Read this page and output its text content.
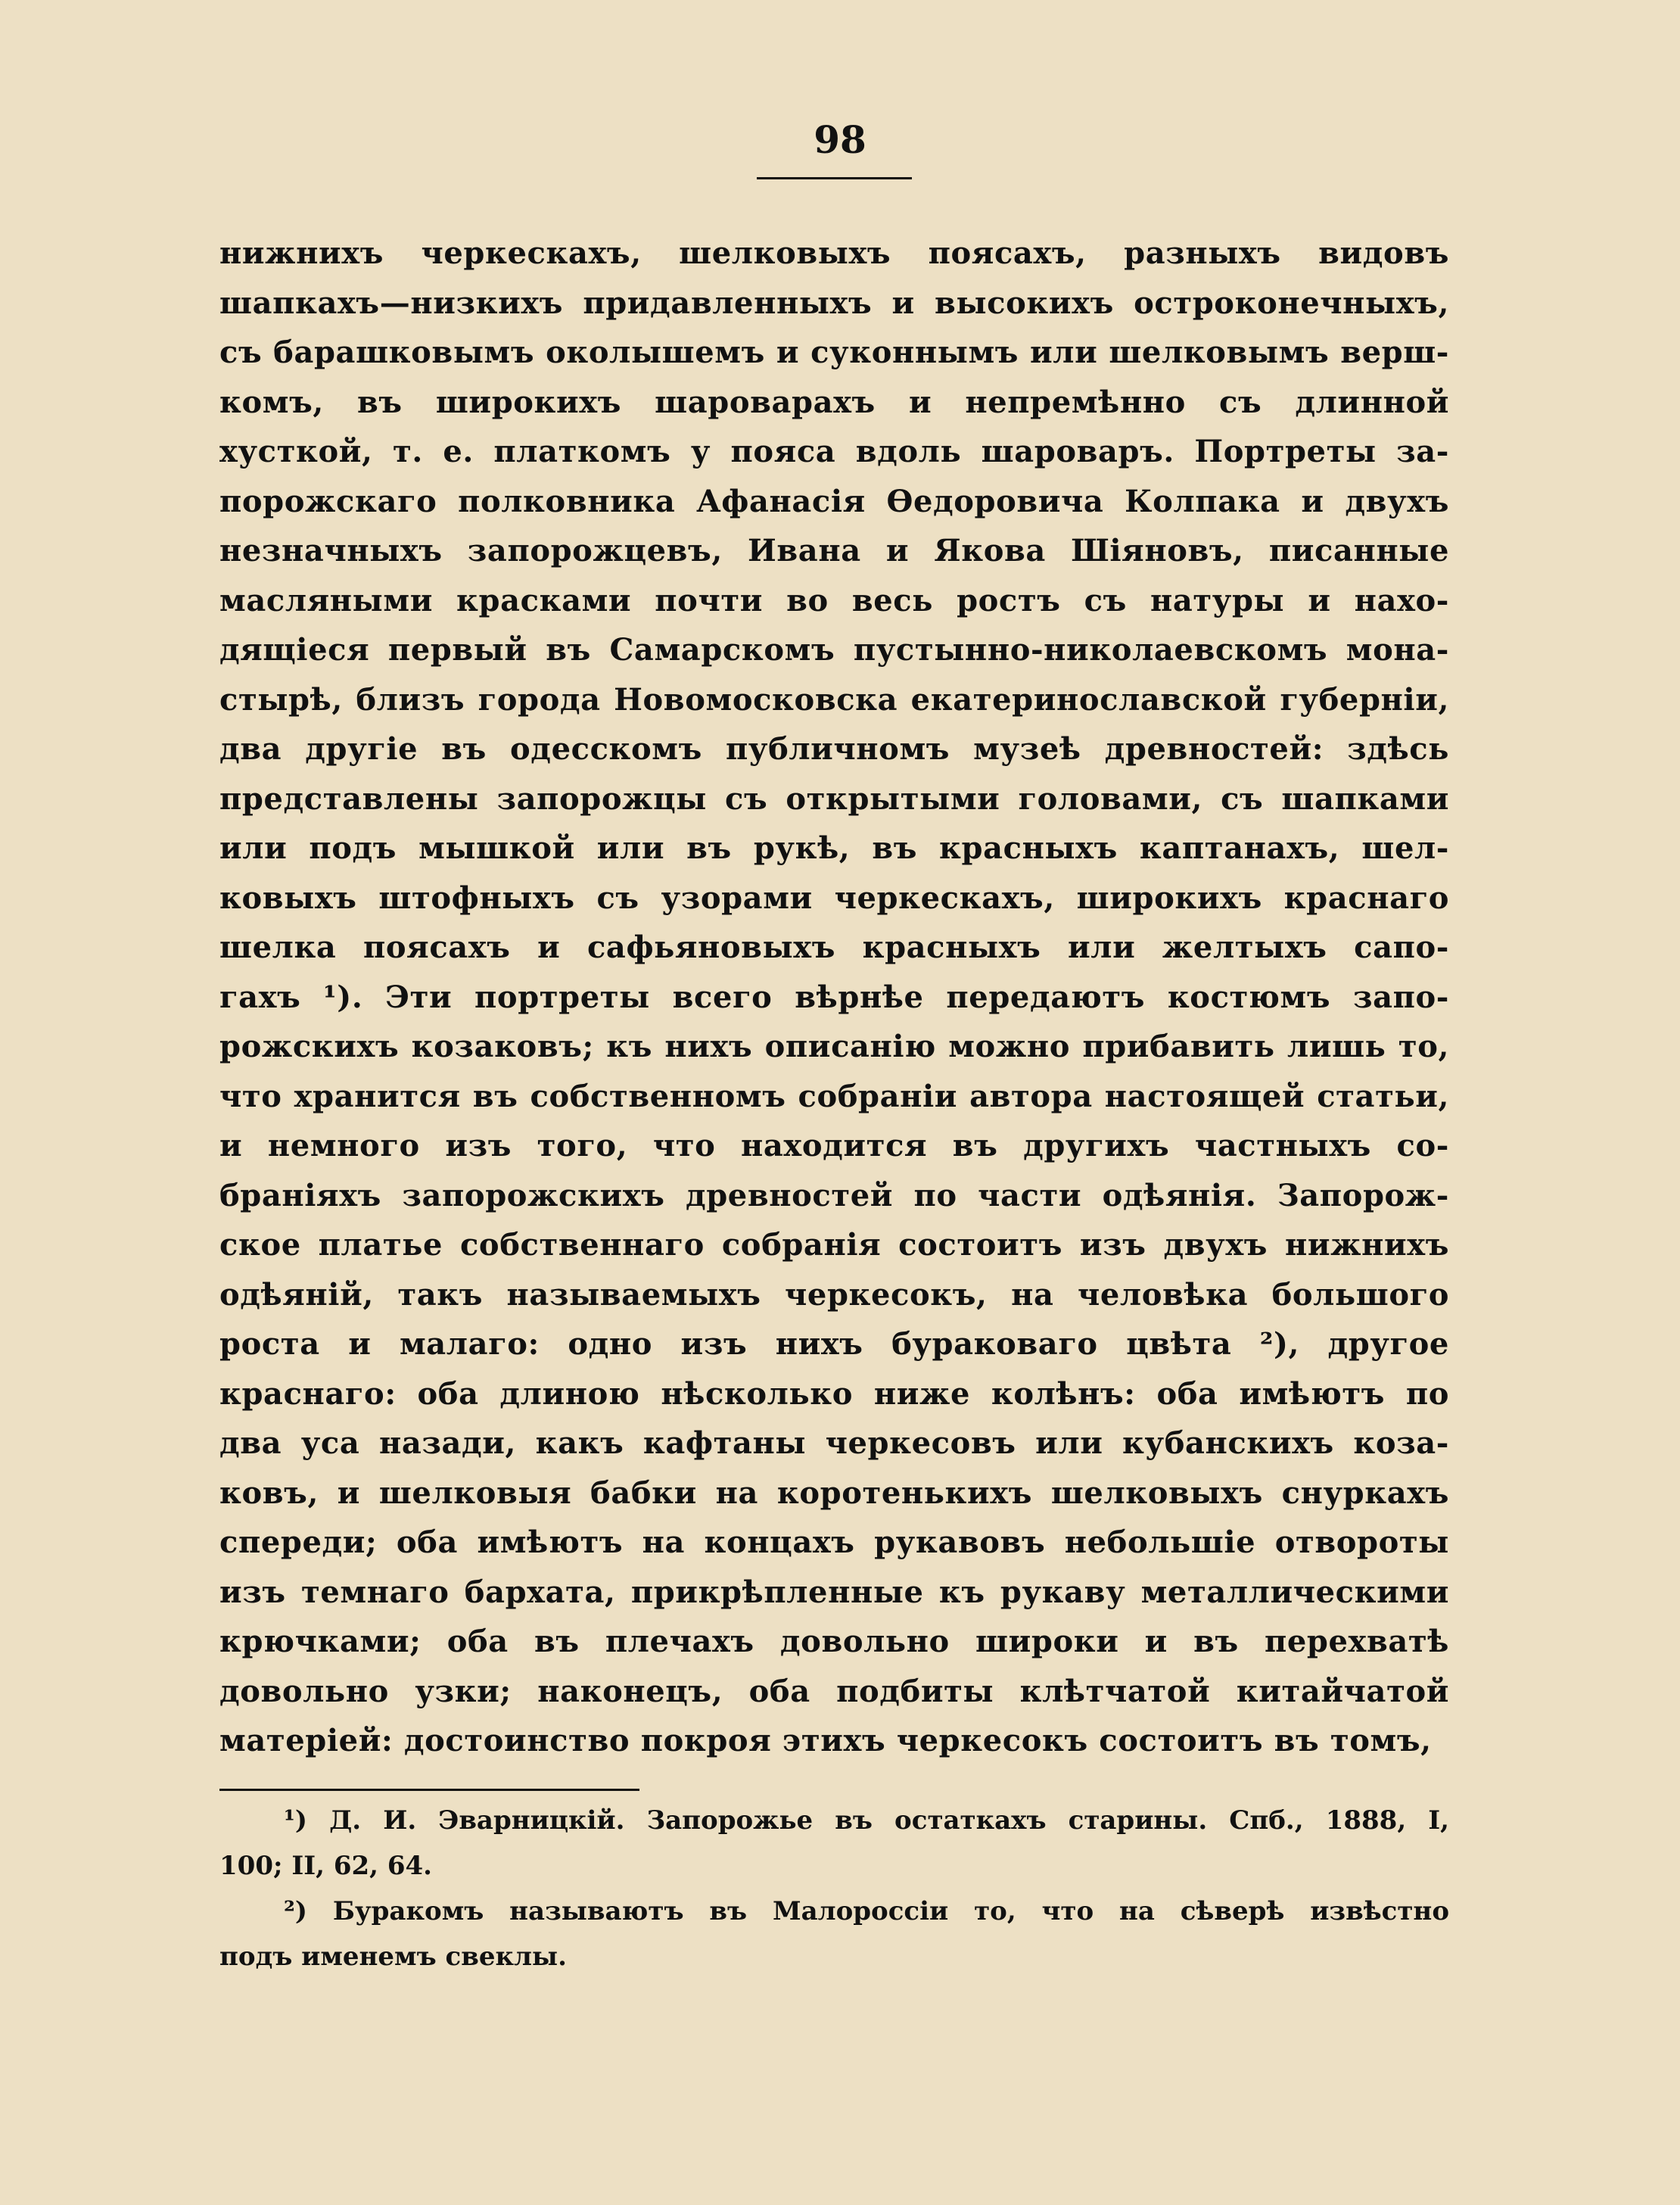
98
нижнихъ черкескахъ, шелковыхъ поясахъ, разныхъ видовъ
шапкахъ—низкихъ придавленныхъ и высокихъ остроконечныхъ,
съ барашковымъ околышемъ и суконнымъ или шелковымъ верш-
комъ, въ широкихъ шароварахъ и непремѣнно съ длинной
хусткой, т. е. платкомъ у пояса вдоль шароваръ. Портреты за-
порожскаго полковника Афанасія Ѳедоровича Колпака и двухъ
незначныхъ запорожцевъ, Ивана и Якова Шіяновъ, писанные
масляными красками почти во весь ростъ съ натуры и нахо-
дящіеся первый въ Самарскомъ пустынно-николаевскомъ мона-
стырѣ, близъ города Новомосковска екатеринославской губерніи,
два другіе въ одесскомъ публичномъ музеѣ древностей: здѣсь
представлены запорожцы съ открытыми головами, съ шапками
или подъ мышкой или въ рукѣ, въ красныхъ каптанахъ, шел-
ковыхъ штофныхъ съ узорами черкескахъ, широкихъ краснаго
шелка поясахъ и сафьяновыхъ красныхъ или желтыхъ сапо-
гахъ ¹). Эти портреты всего вѣрнѣе передаютъ костюмъ запо-
рожскихъ козаковъ; къ нихъ описанію можно прибавить лишь то,
что хранится въ собственномъ собраніи автора настоящей статьи,
и немного изъ того, что находится въ другихъ частныхъ со-
браніяхъ запорожскихъ древностей по части одѣянія. Запорож-
ское платье собственнаго собранія состоитъ изъ двухъ нижнихъ
одѣяній, такъ называемыхъ черкесокъ, на человѣка большого
роста и малаго: одно изъ нихъ бураковаго цвѣта ²), другое
краснаго: оба длиною нѣсколько ниже колѣнъ: оба имѣютъ по
два уса назади, какъ кафтаны черкесовъ или кубанскихъ коза-
ковъ, и шелковыя бабки на коротенькихъ шелковыхъ снуркахъ
спереди; оба имѣютъ на концахъ рукавовъ небольшіе отвороты
изъ темнаго бархата, прикрѣпленные къ рукаву металлическими
крючками; оба въ плечахъ довольно широки и въ перехватѣ
довольно узки; наконецъ, оба подбиты клѣтчатой китайчатой
матеріей: достоинство покроя этихъ черкесокъ состоитъ въ томъ,
¹) Д. И. Эварницкій. Запорожье въ остаткахъ старины. Спб., 1888, I,
100; II, 62, 64.
²) Буракомъ называютъ въ Малороссіи то, что на сѣверѣ извѣстно
подъ именемъ свеклы.
